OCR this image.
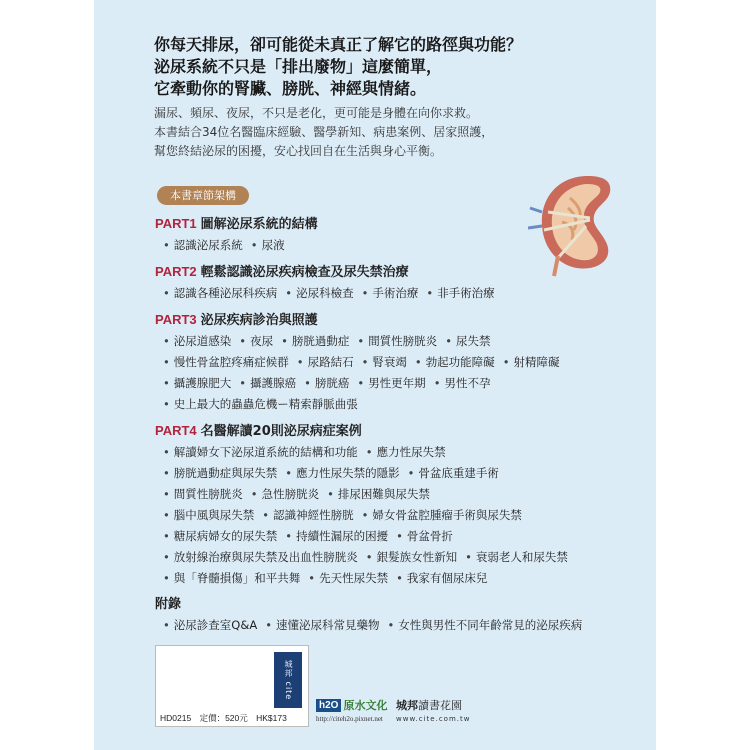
你每天排尿，卻可能從未真正了解它的路徑與功能？
泌尿系統不只是「排出廢物」這麼簡單，
它牽動你的腎臟、膀胱、神經與情緒。
漏尿、頻尿、夜尿，不只是老化，更可能是身體在向你求救。
本書結合34位名醫臨床經驗、醫學新知、病患案例、居家照護，
幫您終結泌尿的困擾，安心找回自在生活與身心平衡。
本書章節架構
PART1 圖解泌尿系統的結構
• 認識泌尿系統 • 尿液
PART2 輕鬆認識泌尿疾病檢查及尿失禁治療
• 認識各種泌尿科疾病 • 泌尿科檢查 • 手術治療 • 非手術治療
PART3 泌尿疾病診治與照護
• 泌尿道感染 • 夜尿 • 膀胱過動症 • 間質性膀胱炎 • 尿失禁
• 慢性骨盆腔疼痛症候群 • 尿路結石 • 腎衰竭 • 勃起功能障礙 • 射精障礙
• 攝護腺肥大 • 攝護腺癌 • 膀胱癌 • 男性更年期 • 男性不孕
• 史上最大的蟲蟲危機ー精索靜脈曲張
PART4 名醫解讀20則泌尿病症案例
• 解讀婦女下泌尿道系統的結構和功能 • 應力性尿失禁
• 膀胱過動症與尿失禁 • 應力性尿失禁的隱影 • 骨盆底重建手術
• 間質性膀胱炎 • 急性膀胱炎 • 排尿困難與尿失禁
• 腦中風與尿失禁 • 認識神經性膀胱 • 婦女骨盆腔腫瘤手術與尿失禁
• 糖尿病婦女的尿失禁 • 持續性漏尿的困擾 • 骨盆骨折
• 放射線治療與尿失禁及出血性膀胱炎 • 銀髮族女性新知 • 衰弱老人和尿失禁
• 與「脊髓損傷」和平共舞 • 先天性尿失禁 • 我家有個尿床兒
附錄
• 泌尿診查室Q&A • 速懂泌尿科常見藥物 • 女性與男性不同年齡常見的泌尿疾病
城邦 cite
HD0215 定價：520元 HK$173
h2O 原水文化
http://citeh2o.pixnet.net
城邦讀書花園
www.cite.com.tw
